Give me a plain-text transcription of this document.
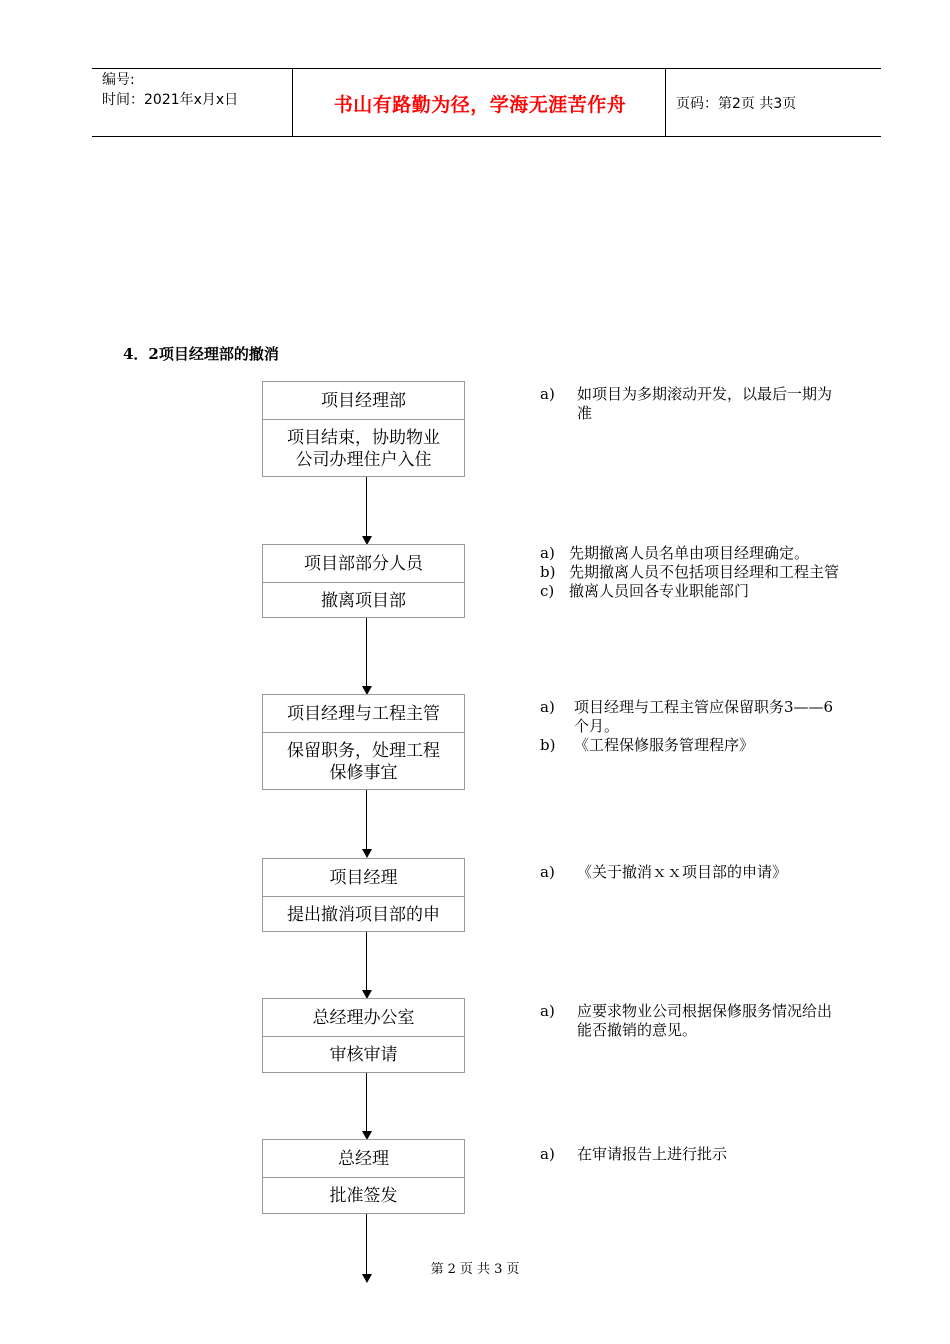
编号:
时间：2021年x月x日	书山有路勤为径，学海无涯苦作舟	页码：第2页 共3页
4．2项目经理部的撤消
项目经理部
项目结束，协助物业
公司办理住户入住
a)	如项目为多期滚动开发，以最后一期为准
项目部部分人员
撤离项目部
a) 先期撤离人员名单由项目经理确定。
b) 先期撤离人员不包括项目经理和工程主管
c) 撤离人员回各专业职能部门
项目经理与工程主管
保留职务，处理工程
保修事宜
a)	项目经理与工程主管应保留职务3——6个月。
b)	《工程保修服务管理程序》
项目经理
提出撤消项目部的申
a)	《关于撤消ｘｘ项目部的申请》
总经理办公室
审核审请
a)	应要求物业公司根据保修服务情况给出能否撤销的意见。
总经理
批准签发
a)	在审请报告上进行批示
第 2 页 共 3 页
